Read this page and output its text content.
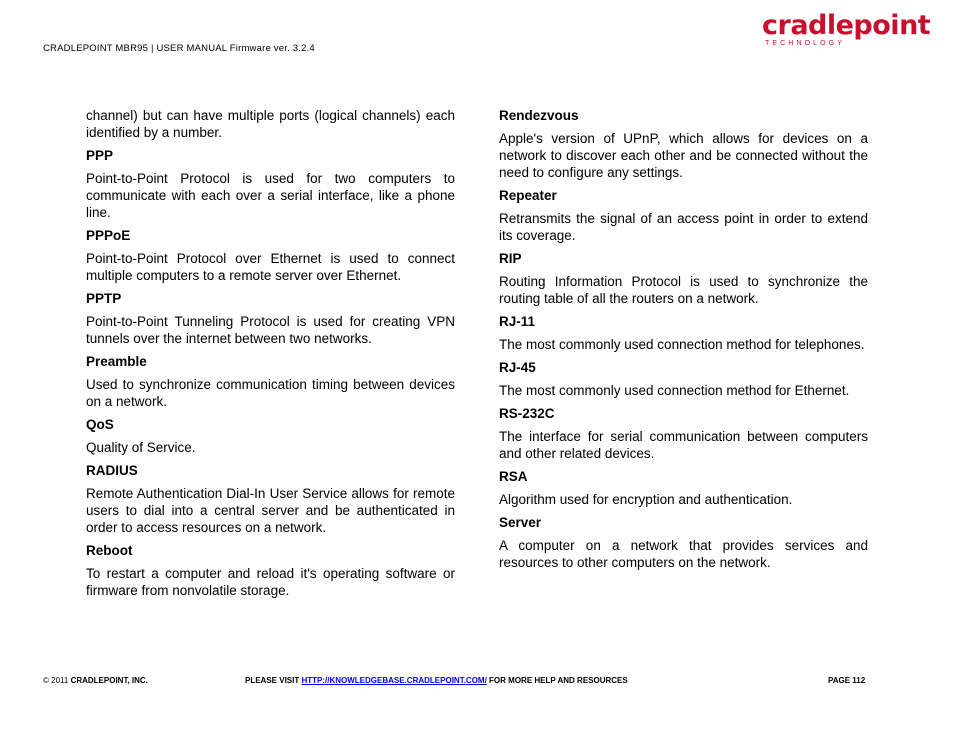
CRADLEPOINT MBR95 | USER MANUAL Firmware ver. 3.2.4
cradlepoint
TECHNOLOGY

channel) but can have multiple ports (logical channels) each identified by a number.

PPP

Point-to-Point Protocol is used for two computers to communicate with each over a serial interface, like a phone line.

PPPoE

Point-to-Point Protocol over Ethernet is used to connect multiple computers to a remote server over Ethernet.

PPTP

Point-to-Point Tunneling Protocol is used for creating VPN tunnels over the internet between two networks.

Preamble

Used to synchronize communication timing between devices on a network.

QoS

Quality of Service.

RADIUS

Remote Authentication Dial-In User Service allows for remote users to dial into a central server and be authenticated in order to access resources on a network.

Reboot

To restart a computer and reload it's operating software or firmware from nonvolatile storage.

Rendezvous

Apple's version of UPnP, which allows for devices on a network to discover each other and be connected without the need to configure any settings.

Repeater

Retransmits the signal of an access point in order to extend its coverage.

RIP

Routing Information Protocol is used to synchronize the routing table of all the routers on a network.

RJ-11

The most commonly used connection method for telephones.

RJ-45

The most commonly used connection method for Ethernet.

RS-232C

The interface for serial communication between computers and other related devices.

RSA

Algorithm used for encryption and authentication.

Server

A computer on a network that provides services and resources to other computers on the network.

© 2011 CRADLEPOINT, INC.	PLEASE VISIT HTTP://KNOWLEDGEBASE.CRADLEPOINT.COM/ FOR MORE HELP AND RESOURCES	PAGE 112
